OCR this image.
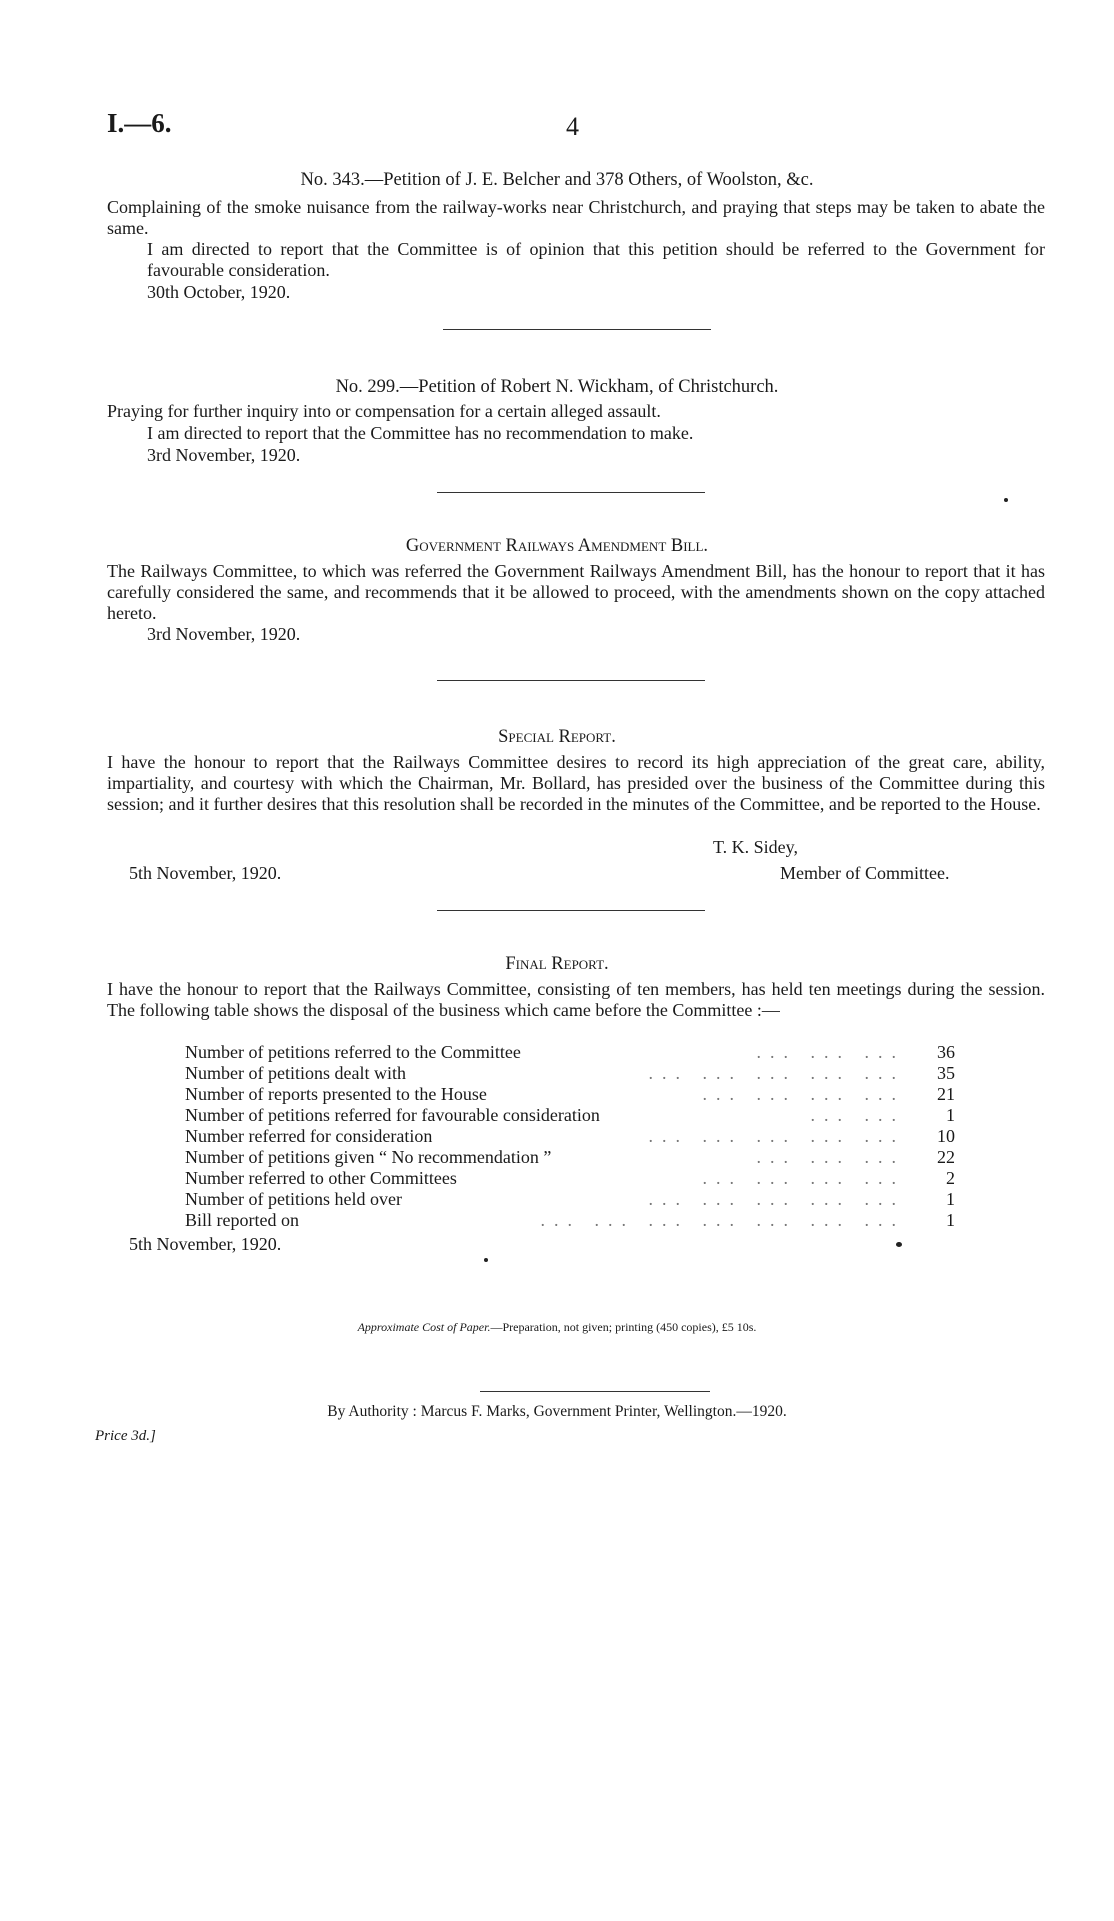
I.—6.	4
No. 343.—Petition of J. E. Belcher and 378 Others, of Woolston, &c.
Complaining of the smoke nuisance from the railway-works near Christchurch, and praying that steps may be taken to abate the same.
I am directed to report that the Committee is of opinion that this petition should be referred to the Government for favourable consideration.
30th October, 1920.
No. 299.—Petition of Robert N. Wickham, of Christchurch.
Praying for further inquiry into or compensation for a certain alleged assault.
I am directed to report that the Committee has no recommendation to make.
3rd November, 1920.
Government Railways Amendment Bill.
The Railways Committee, to which was referred the Government Railways Amendment Bill, has the honour to report that it has carefully considered the same, and recommends that it be allowed to proceed, with the amendments shown on the copy attached hereto.
3rd November, 1920.
Special Report.
I have the honour to report that the Railways Committee desires to record its high appreciation of the great care, ability, impartiality, and courtesy with which the Chairman, Mr. Bollard, has presided over the business of the Committee during this session; and it further desires that this resolution shall be recorded in the minutes of the Committee, and be reported to the House.
T. K. Sidey,
Member of Committee.
5th November, 1920.
Final Report.
I have the honour to report that the Railways Committee, consisting of ten members, has held ten meetings during the session. The following table shows the disposal of the business which came before the Committee :—
Number of petitions referred to the Committee	... ... ...	36
Number of petitions dealt with	... ... ... ... ...	35
Number of reports presented to the House	... ... ... ...	21
Number of petitions referred for favourable consideration	... ...	1
Number referred for consideration	... ... ... ... ...	10
Number of petitions given “ No recommendation ”	... ... ...	22
Number referred to other Committees	... ... ... ...	2
Number of petitions held over	... ... ... ... ...	1
Bill reported on	... ... ... ... ... ... ...	1
5th November, 1920.
Approximate Cost of Paper.—Preparation, not given; printing (450 copies), £5 10s.
By Authority : Marcus F. Marks, Government Printer, Wellington.—1920.
Price 3d.]
